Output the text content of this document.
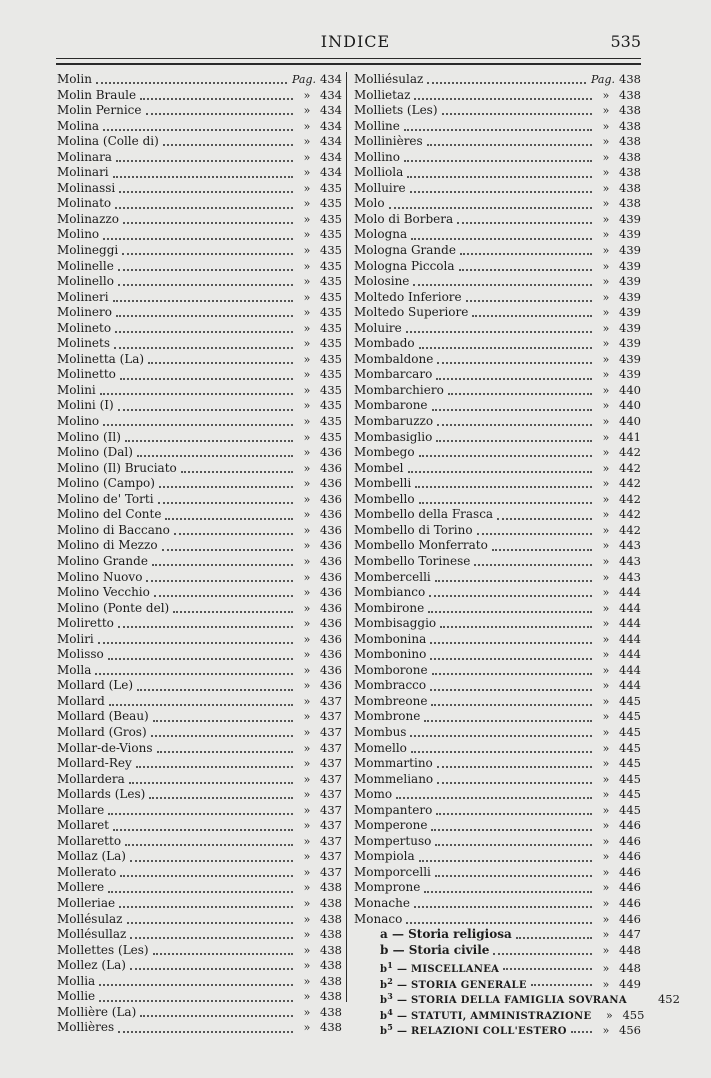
INDICE	535
Molin	Pag. 434
Molin Braule	» 434
Molin Pernice	» 434
Molina	» 434
Molina (Colle di)	» 434
Molinara	» 434
Molinari	» 434
Molinassi	» 435
Molinato	» 435
Molinazzo	» 435
Molino	» 435
Molineggi	» 435
Molinelle	» 435
Molinello	» 435
Molineri	» 435
Molinero	» 435
Molineto	» 435
Molinets	» 435
Molinetta (La)	» 435
Molinetto	» 435
Molini	» 435
Molini (I)	» 435
Molino	» 435
Molino (Il)	» 435
Molino (Dal)	» 436
Molino (Il) Bruciato	» 436
Molino (Campo)	» 436
Molino de' Torti	» 436
Molino del Conte	» 436
Molino di Baccano	» 436
Molino di Mezzo	» 436
Molino Grande	» 436
Molino Nuovo	» 436
Molino Vecchio	» 436
Molino (Ponte del)	» 436
Moliretto	» 436
Moliri	» 436
Molisso	» 436
Molla	» 436
Mollard (Le)	» 436
Mollard	» 437
Mollard (Beau)	» 437
Mollard (Gros)	» 437
Mollar-de-Vions	» 437
Mollard-Rey	» 437
Mollardera	» 437
Mollards (Les)	» 437
Mollare	» 437
Mollaret	» 437
Mollaretto	» 437
Mollaz (La)	» 437
Mollerato	» 437
Mollere	» 438
Molleriae	» 438
Mollésulaz	» 438
Mollésullaz	» 438
Mollettes (Les)	» 438
Mollez (La)	» 438
Mollia	» 438
Mollie	» 438
Mollière (La)	» 438
Mollières	» 438
Molliésulaz	Pag. 438
Mollietaz	» 438
Molliets (Les)	» 438
Molline	» 438
Mollinières	» 438
Mollino	» 438
Molliola	» 438
Molluire	» 438
Molo	» 438
Molo di Borbera	» 439
Mologna	» 439
Mologna Grande	» 439
Mologna Piccola	» 439
Molosine	» 439
Moltedo Inferiore	» 439
Moltedo Superiore	» 439
Moluire	» 439
Mombado	» 439
Mombaldone	» 439
Mombarcaro	» 439
Mombarchiero	» 440
Mombarone	» 440
Mombaruzzo	» 440
Mombasiglio	» 441
Mombego	» 442
Mombel	» 442
Mombelli	» 442
Mombello	» 442
Mombello della Frasca	» 442
Mombello di Torino	» 442
Mombello Monferrato	» 443
Mombello Torinese	» 443
Mombercelli	» 443
Mombianco	» 444
Mombirone	» 444
Mombisaggio	» 444
Mombonina	» 444
Mombonino	» 444
Momborone	» 444
Mombracco	» 444
Mombreone	» 445
Mombrone	» 445
Mombus	» 445
Momello	» 445
Mommartino	» 445
Mommeliano	» 445
Momo	» 445
Mompantero	» 445
Momperone	» 446
Mompertuso	» 446
Mompiola	» 446
Momporcelli	» 446
Momprone	» 446
Monache	» 446
Monaco	» 446
a — Storia religiosa	» 447
b — Storia civile	» 448
$b^1$ — MISCELLANEA	» 448
$b^2$ — STORIA GENERALE	» 449
$b^3$ — STORIA DELLA FAMIGLIA SOVRANA	452
$b^4$ — STATUTI, AMMINISTRAZIONE	» 455
$b^5$ — RELAZIONI COLL'ESTERO	» 456
